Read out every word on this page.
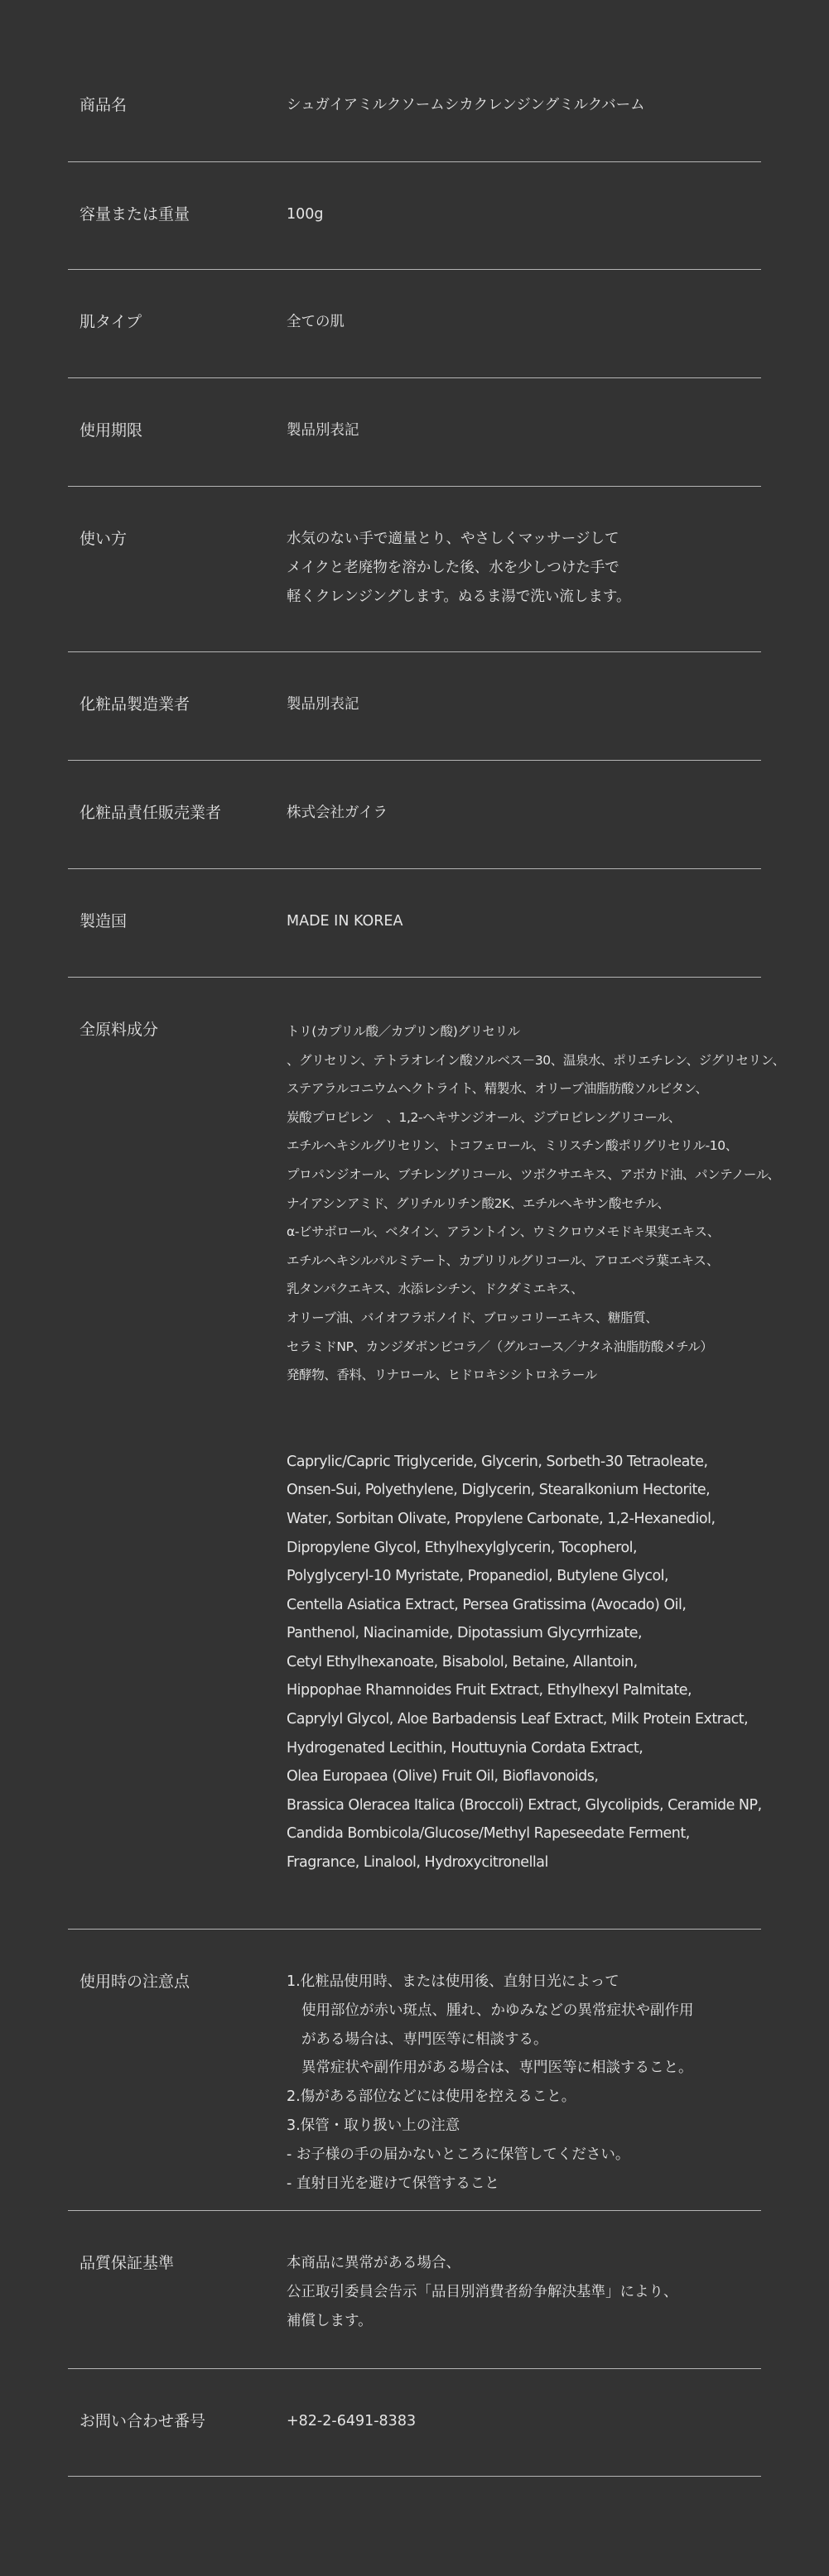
商品名	シュガイアミルクソームシカクレンジングミルクバーム
容量または重量	100g
肌タイプ	全ての肌
使用期限	製品別表記
使い方	水気のない手で適量とり、やさしくマッサージして
メイクと老廃物を溶かした後、水を少しつけた手で
軽くクレンジングします。ぬるま湯で洗い流します。
化粧品製造業者	製品別表記
化粧品責任販売業者	株式会社ガイラ
製造国	MADE IN KOREA
全原料成分	トリ(カプリル酸／カプリン酸)グリセリル
、グリセリン、テトラオレイン酸ソルベス－30、温泉水、ポリエチレン、ジグリセリン、
ステアラルコニウムヘクトライト、精製水、オリーブ油脂肪酸ソルビタン、
炭酸プロピレン　、1,2-ヘキサンジオール、ジプロピレングリコール、
エチルヘキシルグリセリン、トコフェロール、ミリスチン酸ポリグリセリル-10、
プロパンジオール、ブチレングリコール、ツボクサエキス、アボカド油、パンテノール、
ナイアシンアミド、グリチルリチン酸2K、エチルヘキサン酸セチル、
α-ビサボロール、ベタイン、アラントイン、ウミクロウメモドキ果実エキス、
エチルヘキシルパルミテート、カプリリルグリコール、アロエベラ葉エキス、
乳タンパクエキス、水添レシチン、ドクダミエキス、
オリーブ油、バイオフラボノイド、ブロッコリーエキス、糖脂質、
セラミドNP、カンジダボンビコラ／（グルコース／ナタネ油脂肪酸メチル）
発酵物、香料、リナロール、ヒドロキシシトロネラール
Caprylic/Capric Triglyceride, Glycerin, Sorbeth-30 Tetraoleate,
Onsen-Sui, Polyethylene, Diglycerin, Stearalkonium Hectorite,
Water, Sorbitan Olivate, Propylene Carbonate, 1,2-Hexanediol,
Dipropylene Glycol, Ethylhexylglycerin, Tocopherol,
Polyglyceryl-10 Myristate, Propanediol, Butylene Glycol,
Centella Asiatica Extract, Persea Gratissima (Avocado) Oil,
Panthenol, Niacinamide, Dipotassium Glycyrrhizate,
Cetyl Ethylhexanoate, Bisabolol, Betaine, Allantoin,
Hippophae Rhamnoides Fruit Extract, Ethylhexyl Palmitate,
Caprylyl Glycol, Aloe Barbadensis Leaf Extract, Milk Protein Extract,
Hydrogenated Lecithin, Houttuynia Cordata Extract,
Olea Europaea (Olive) Fruit Oil, Bioflavonoids,
Brassica Oleracea Italica (Broccoli) Extract, Glycolipids, Ceramide NP,
Candida Bombicola/Glucose/Methyl Rapeseedate Ferment,
Fragrance, Linalool, Hydroxycitronellal
使用時の注意点	1.化粧品使用時、または使用後、直射日光によって
使用部位が赤い斑点、腫れ、かゆみなどの異常症状や副作用
がある場合は、専門医等に相談する。
異常症状や副作用がある場合は、専門医等に相談すること。
2.傷がある部位などには使用を控えること。
3.保管・取り扱い上の注意
- お子様の手の届かないところに保管してください。
- 直射日光を避けて保管すること
品質保証基準	本商品に異常がある場合、
公正取引委員会告示「品目別消費者紛争解決基準」により、
補償します。
お問い合わせ番号	+82-2-6491-8383
